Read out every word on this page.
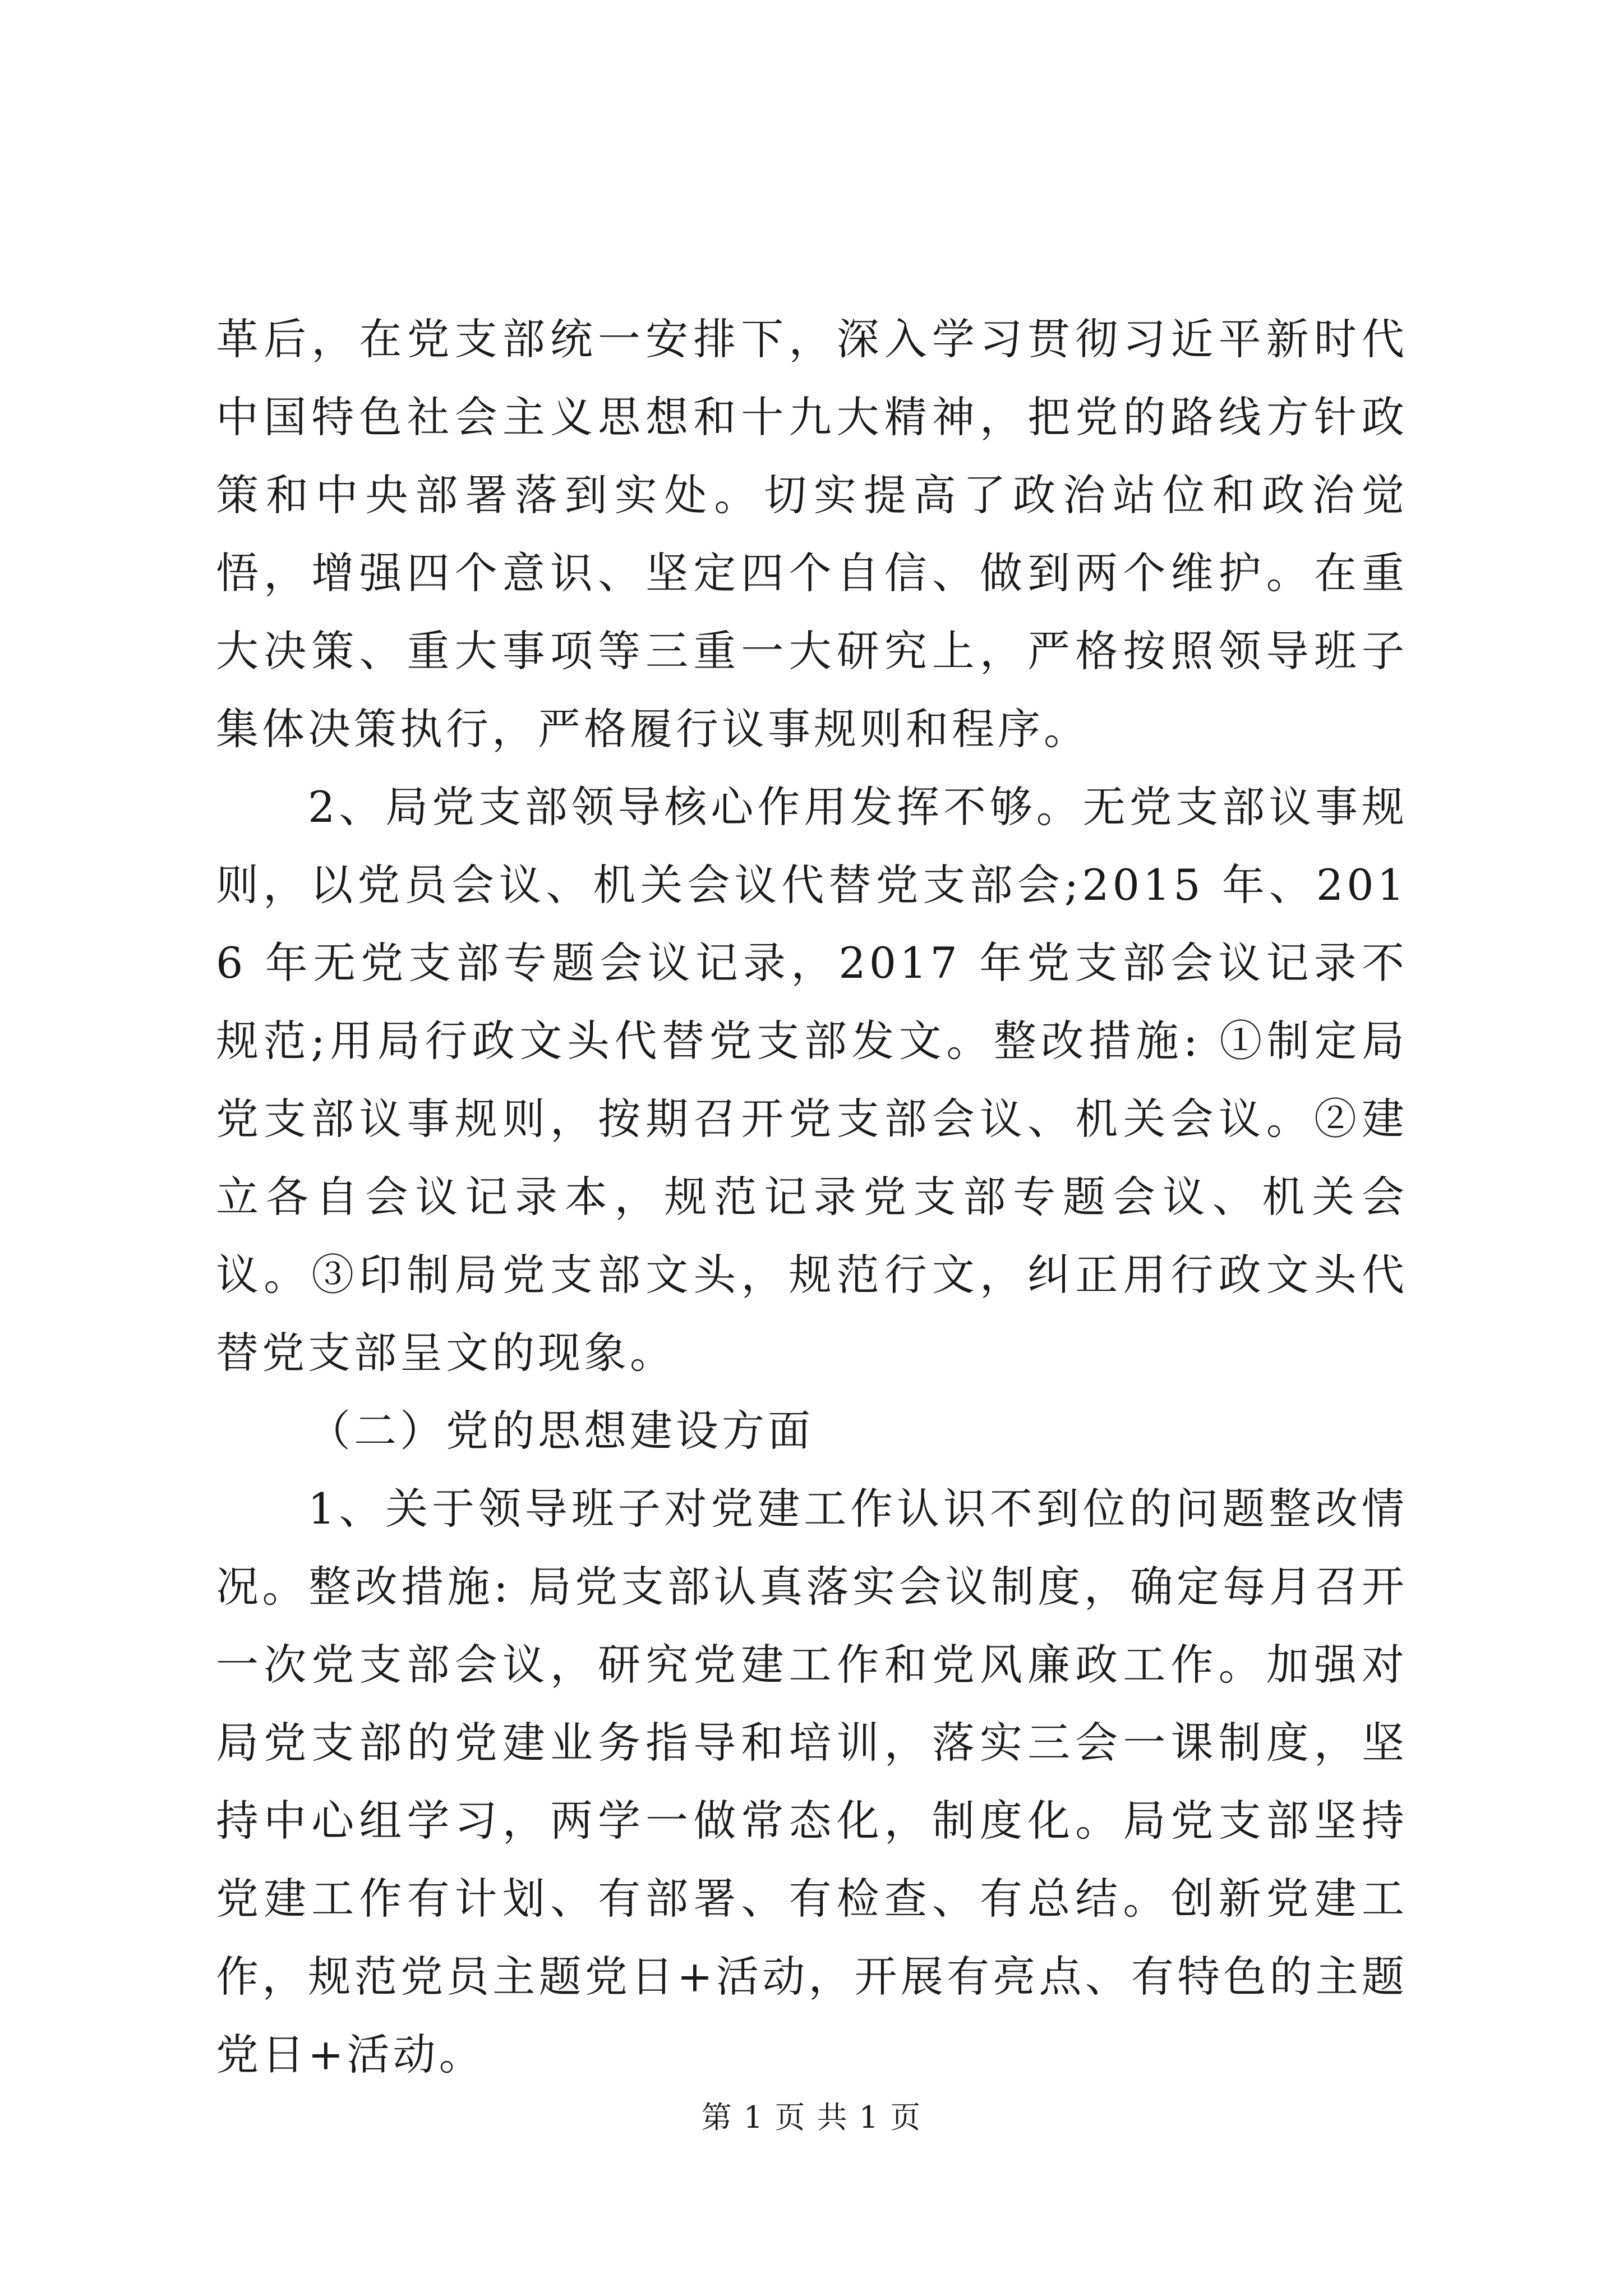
革后，在党支部统一安排下，深入学习贯彻习近平新时代中国特色社会主义思想和十九大精神，把党的路线方针政策和中央部署落到实处。切实提高了政治站位和政治觉悟，增强四个意识、坚定四个自信、做到两个维护。在重大决策、重大事项等三重一大研究上，严格按照领导班子集体决策执行，严格履行议事规则和程序。

2、局党支部领导核心作用发挥不够。无党支部议事规则，以党员会议、机关会议代替党支部会;2015 年、2016 年无党支部专题会议记录，2017 年党支部会议记录不规范;用局行政文头代替党支部发文。整改措施: ①制定局党支部议事规则，按期召开党支部会议、机关会议。②建立各自会议记录本，规范记录党支部专题会议、机关会议。③印制局党支部文头，规范行文，纠正用行政文头代替党支部呈文的现象。

（二）党的思想建设方面

1、关于领导班子对党建工作认识不到位的问题整改情况。整改措施: 局党支部认真落实会议制度，确定每月召开一次党支部会议，研究党建工作和党风廉政工作。加强对局党支部的党建业务指导和培训，落实三会一课制度，坚持中心组学习，两学一做常态化，制度化。局党支部坚持党建工作有计划、有部署、有检查、有总结。创新党建工作，规范党员主题党日+活动，开展有亮点、有特色的主题党日+活动。

第 1 页 共 1 页
